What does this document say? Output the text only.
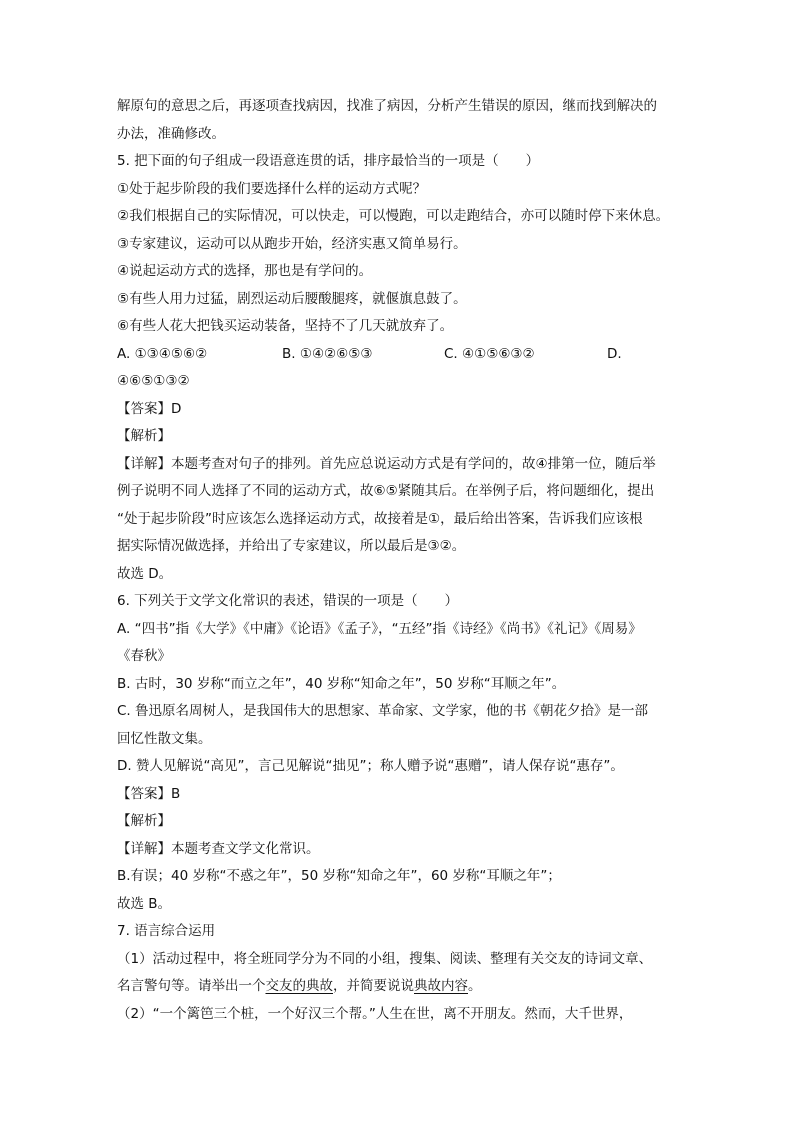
解原句的意思之后，再逐项查找病因，找准了病因，分析产生错误的原因，继而找到解决的
办法，准确修改。
5. 把下面的句子组成一段语意连贯的话，排序最恰当的一项是（　　）
①处于起步阶段的我们要选择什么样的运动方式呢？
②我们根据自己的实际情况，可以快走，可以慢跑，可以走跑结合，亦可以随时停下来休息。
③专家建议，运动可以从跑步开始，经济实惠又简单易行。
④说起运动方式的选择，那也是有学问的。
⑤有些人用力过猛，剧烈运动后腰酸腿疼，就偃旗息鼓了。
⑥有些人花大把钱买运动装备，坚持不了几天就放弃了。
A. ①③④⑤⑥②	B. ①④②⑥⑤③	C. ④①⑤⑥③②	D.
④⑥⑤①③②
【答案】D
【解析】
【详解】本题考查对句子的排列。首先应总说运动方式是有学问的，故④排第一位，随后举
例子说明不同人选择了不同的运动方式，故⑥⑤紧随其后。在举例子后，将问题细化，提出
“处于起步阶段”时应该怎么选择运动方式，故接着是①，最后给出答案，告诉我们应该根
据实际情况做选择，并给出了专家建议，所以最后是③②。
故选 D。
6. 下列关于文学文化常识的表述，错误的一项是（　　）
A. “四书”指《大学》《中庸》《论语》《孟子》，“五经”指《诗经》《尚书》《礼记》《周易》
《春秋》
B. 古时，30 岁称“而立之年”，40 岁称“知命之年”，50 岁称“耳顺之年”。
C. 鲁迅原名周树人，是我国伟大的思想家、革命家、文学家，他的书《朝花夕拾》是一部
回忆性散文集。
D. 赞人见解说“高见”，言己见解说“拙见”；称人赠予说“惠赠”，请人保存说“惠存”。
【答案】B
【解析】
【详解】本题考查文学文化常识。
B.有误；40 岁称“不惑之年”，50 岁称“知命之年”，60 岁称“耳顺之年”；
故选 B。
7. 语言综合运用
（1）活动过程中，将全班同学分为不同的小组，搜集、阅读、整理有关交友的诗词文章、
名言警句等。请举出一个交友的典故，并简要说说典故内容。
（2）“一个篱笆三个桩，一个好汉三个帮。”人生在世，离不开朋友。然而，大千世界，
